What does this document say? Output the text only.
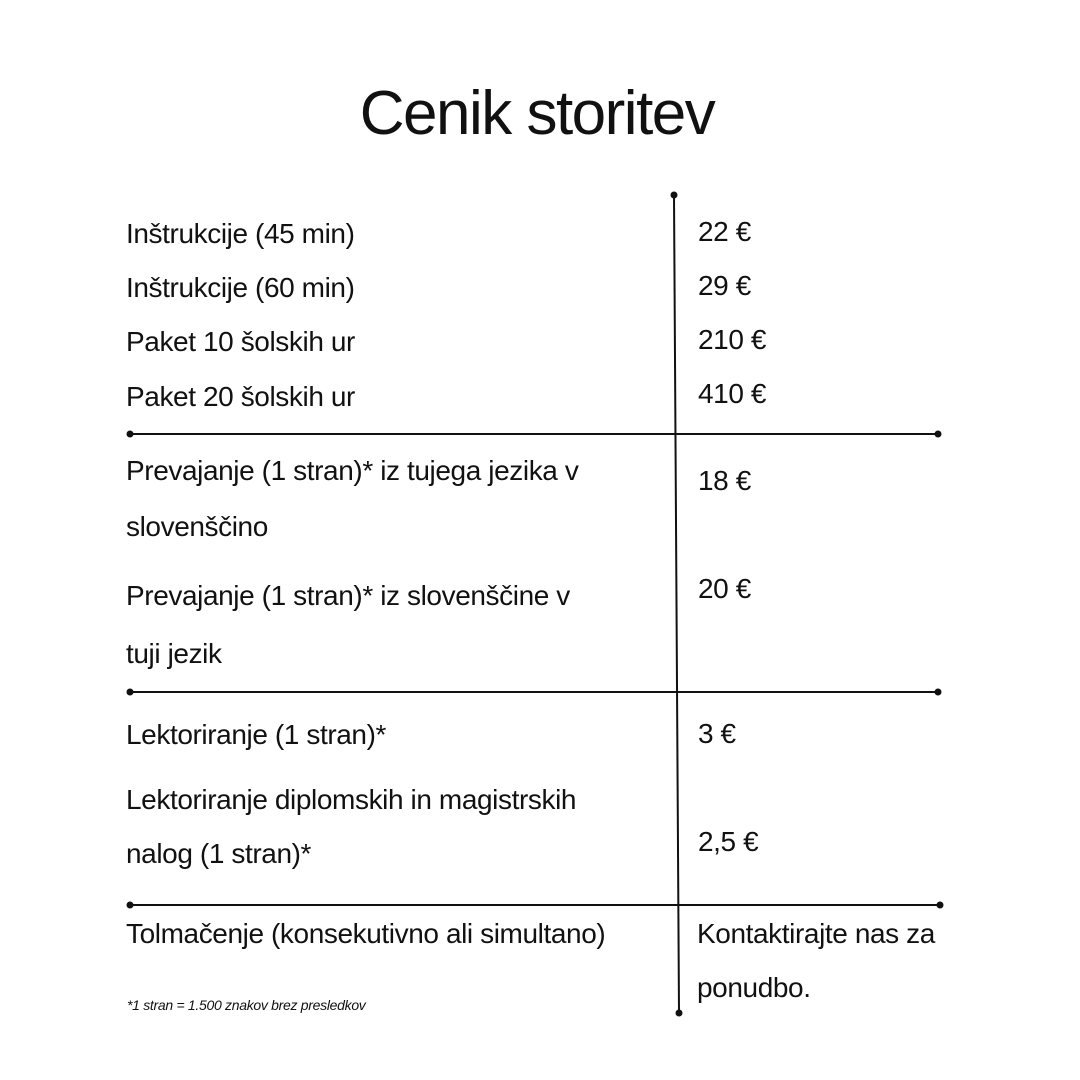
Cenik storitev
Inštrukcije (45 min)	22 €
Inštrukcije (60 min)	29 €
Paket 10 šolskih ur	210 €
Paket 20 šolskih ur	410 €
Prevajanje (1 stran)* iz tujega jezika v
slovenščino
18 €
Prevajanje (1 stran)* iz slovenščine v
tuji jezik
20 €
Lektoriranje (1 stran)*	3 €
Lektoriranje diplomskih in magistrskih
nalog (1 stran)*	2,5 €
Tolmačenje (konsekutivno ali simultano)	Kontaktirajte nas za
ponudbo.
*1 stran = 1.500 znakov brez presledkov
